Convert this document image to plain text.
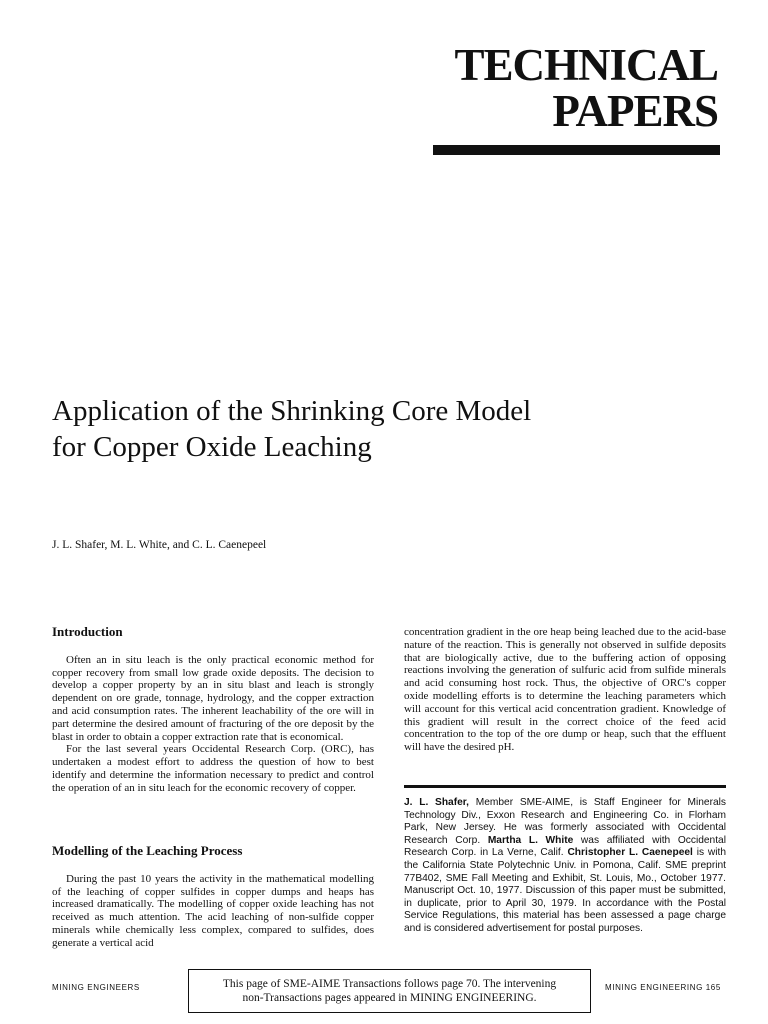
TECHNICAL
PAPERS
Application of the Shrinking Core Model
for Copper Oxide Leaching
J. L. Shafer, M. L. White, and C. L. Caenepeel
Introduction

Often an in situ leach is the only practical economic method for copper recovery from small low grade oxide deposits. The decision to develop a copper property by an in situ blast and leach is strongly dependent on ore grade, tonnage, hydrology, and the copper extraction and acid consumption rates. The inherent leachability of the ore will in part determine the desired amount of fracturing of the ore deposit by the blast in order to obtain a copper extraction rate that is economical.

For the last several years Occidental Research Corp. (ORC), has undertaken a modest effort to address the question of how to best identify and determine the information necessary to predict and control the operation of an in situ leach for the economic recovery of copper.

Modelling of the Leaching Process

During the past 10 years the activity in the mathematical modelling of the leaching of copper sulfides in copper dumps and heaps has increased dramatically. The modelling of copper oxide leaching has not received as much attention. The acid leaching of non-sulfide copper minerals while chemically less complex, compared to sulfides, does generate a vertical acid

concentration gradient in the ore heap being leached due to the acid-base nature of the reaction. This is generally not observed in sulfide deposits that are biologically active, due to the buffering action of opposing reactions involving the generation of sulfuric acid from sulfide minerals and acid consuming host rock. Thus, the objective of ORC's copper oxide modelling efforts is to determine the leaching parameters which will account for this vertical acid concentration gradient. Knowledge of this gradient will result in the correct choice of the feed acid concentration to the top of the ore dump or heap, such that the effluent will have the desired pH.

J. L. Shafer, Member SME-AIME, is Staff Engineer for Minerals Technology Div., Exxon Research and Engineering Co. in Florham Park, New Jersey. He was formerly associated with Occidental Research Corp. Martha L. White was affiliated with Occidental Research Corp. in La Verne, Calif. Christopher L. Caenepeel is with the California State Polytechnic Univ. in Pomona, Calif. SME preprint 77B402, SME Fall Meeting and Exhibit, St. Louis, Mo., October 1977. Manuscript Oct. 10, 1977. Discussion of this paper must be submitted, in duplicate, prior to April 30, 1979. In accordance with the Postal Service Regulations, this material has been assessed a page charge and is considered advertisement for postal purposes.
MINING ENGINEERS	This page of SME-AIME Transactions follows page 70. The intervening
non-Transactions pages appeared in MINING ENGINEERING.
MINING ENGINEERING 165
